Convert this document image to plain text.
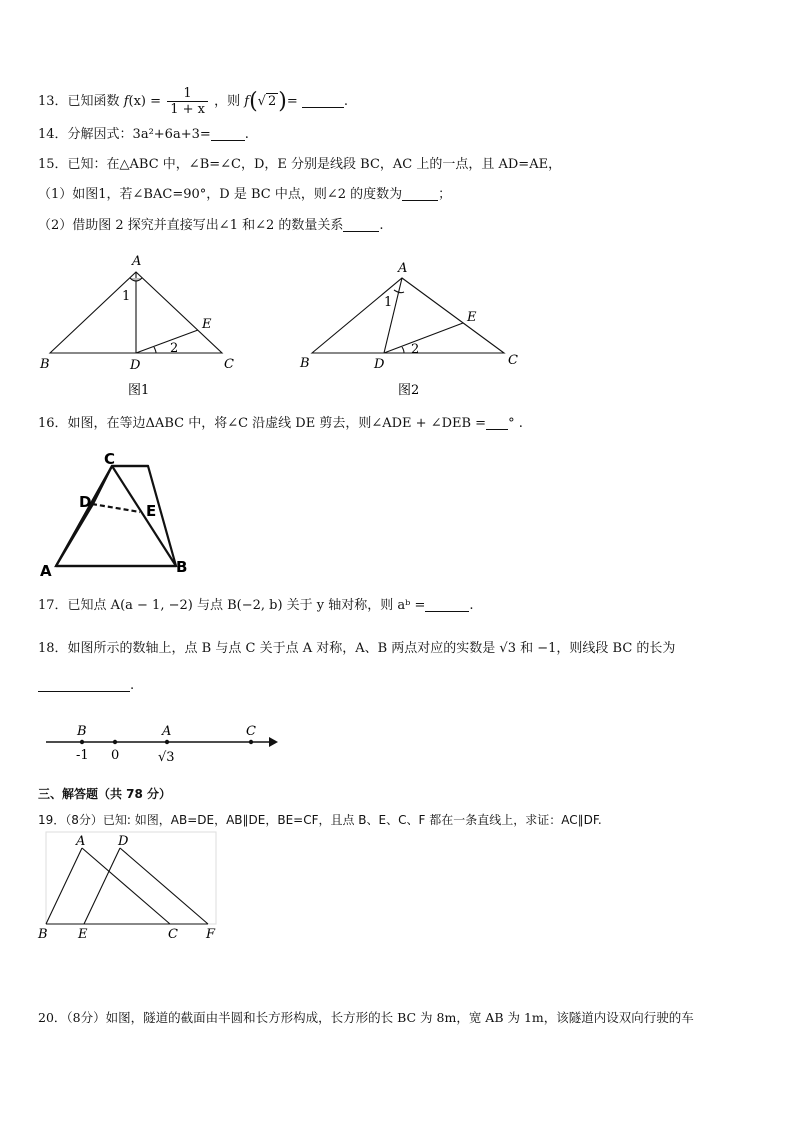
13．已知函数 $f(x) = \frac{1}{1 + x}$ ，则 f(√ 2)=	.
14．分解因式：3a²+6a+3=	.
15．已知：在△ABC 中，∠B=∠C，D，E 分别是线段 BC，AC 上的一点，且 AD=AE，
（1）如图1，若∠BAC=90°，D 是 BC 中点，则∠2 的度数为	；
（2）借助图 2 探究并直接写出∠1 和∠2 的数量关系	.
A
1
E
2
B	D	C
图1
A
1
E
2
B	D	C
图2
16．如图，在等边ΔABC 中，将∠C 沿虚线 DE 剪去，则∠ADE + ∠DEB = ° .
C
D	E
A	B
17．已知点 A(a − 1, −2) 与点 B(−2, b) 关于 y 轴对称，则 aᵇ =	.
18．如图所示的数轴上，点 B 与点 C 关于点 A 对称，A、B 两点对应的实数是 √3 和 −1，则线段 BC 的长为
.
B	A	C
-1 0	√3
三、解答题（共 78 分）
19．（8分）已知: 如图，AB=DE，AB∥DE，BE=CF，且点 B、E、C、F 都在一条直线上，求证：AC∥DF.
A	D
B E	C F
20．（8分）如图，隧道的截面由半圆和长方形构成，长方形的长 BC 为 8m，宽 AB 为 1m，该隧道内设双向行驶的车
